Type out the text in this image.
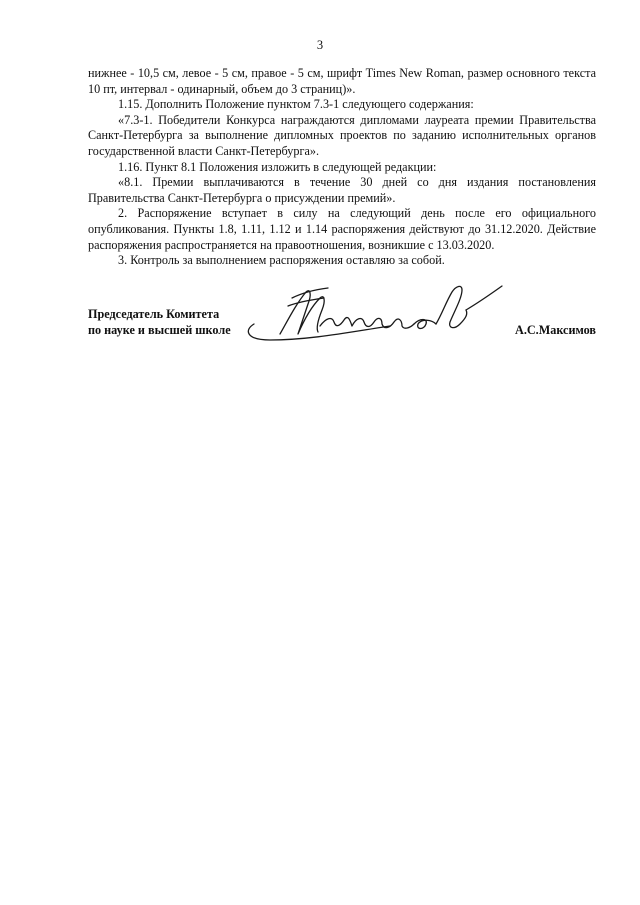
3

нижнее - 10,5 см, левое - 5 см, правое - 5 см, шрифт Times New Roman, размер основного текста 10 пт, интервал - одинарный, объем до 3 страниц)».

1.15. Дополнить Положение пунктом 7.3-1 следующего содержания:

«7.3-1. Победители Конкурса награждаются дипломами лауреата премии Правительства Санкт-Петербурга за выполнение дипломных проектов по заданию исполнительных органов государственной власти Санкт-Петербурга».

1.16. Пункт 8.1 Положения изложить в следующей редакции:

«8.1. Премии выплачиваются в течение 30 дней со дня издания постановления Правительства Санкт-Петербурга о присуждении премий».

2. Распоряжение вступает в силу на следующий день после его официального опубликования. Пункты 1.8, 1.11, 1.12 и 1.14 распоряжения действуют до 31.12.2020. Действие распоряжения распространяется на правоотношения, возникшие с 13.03.2020.

3. Контроль за выполнением распоряжения оставляю за собой.

Председатель Комитета
по науке и высшей школе	А.С.Максимов
